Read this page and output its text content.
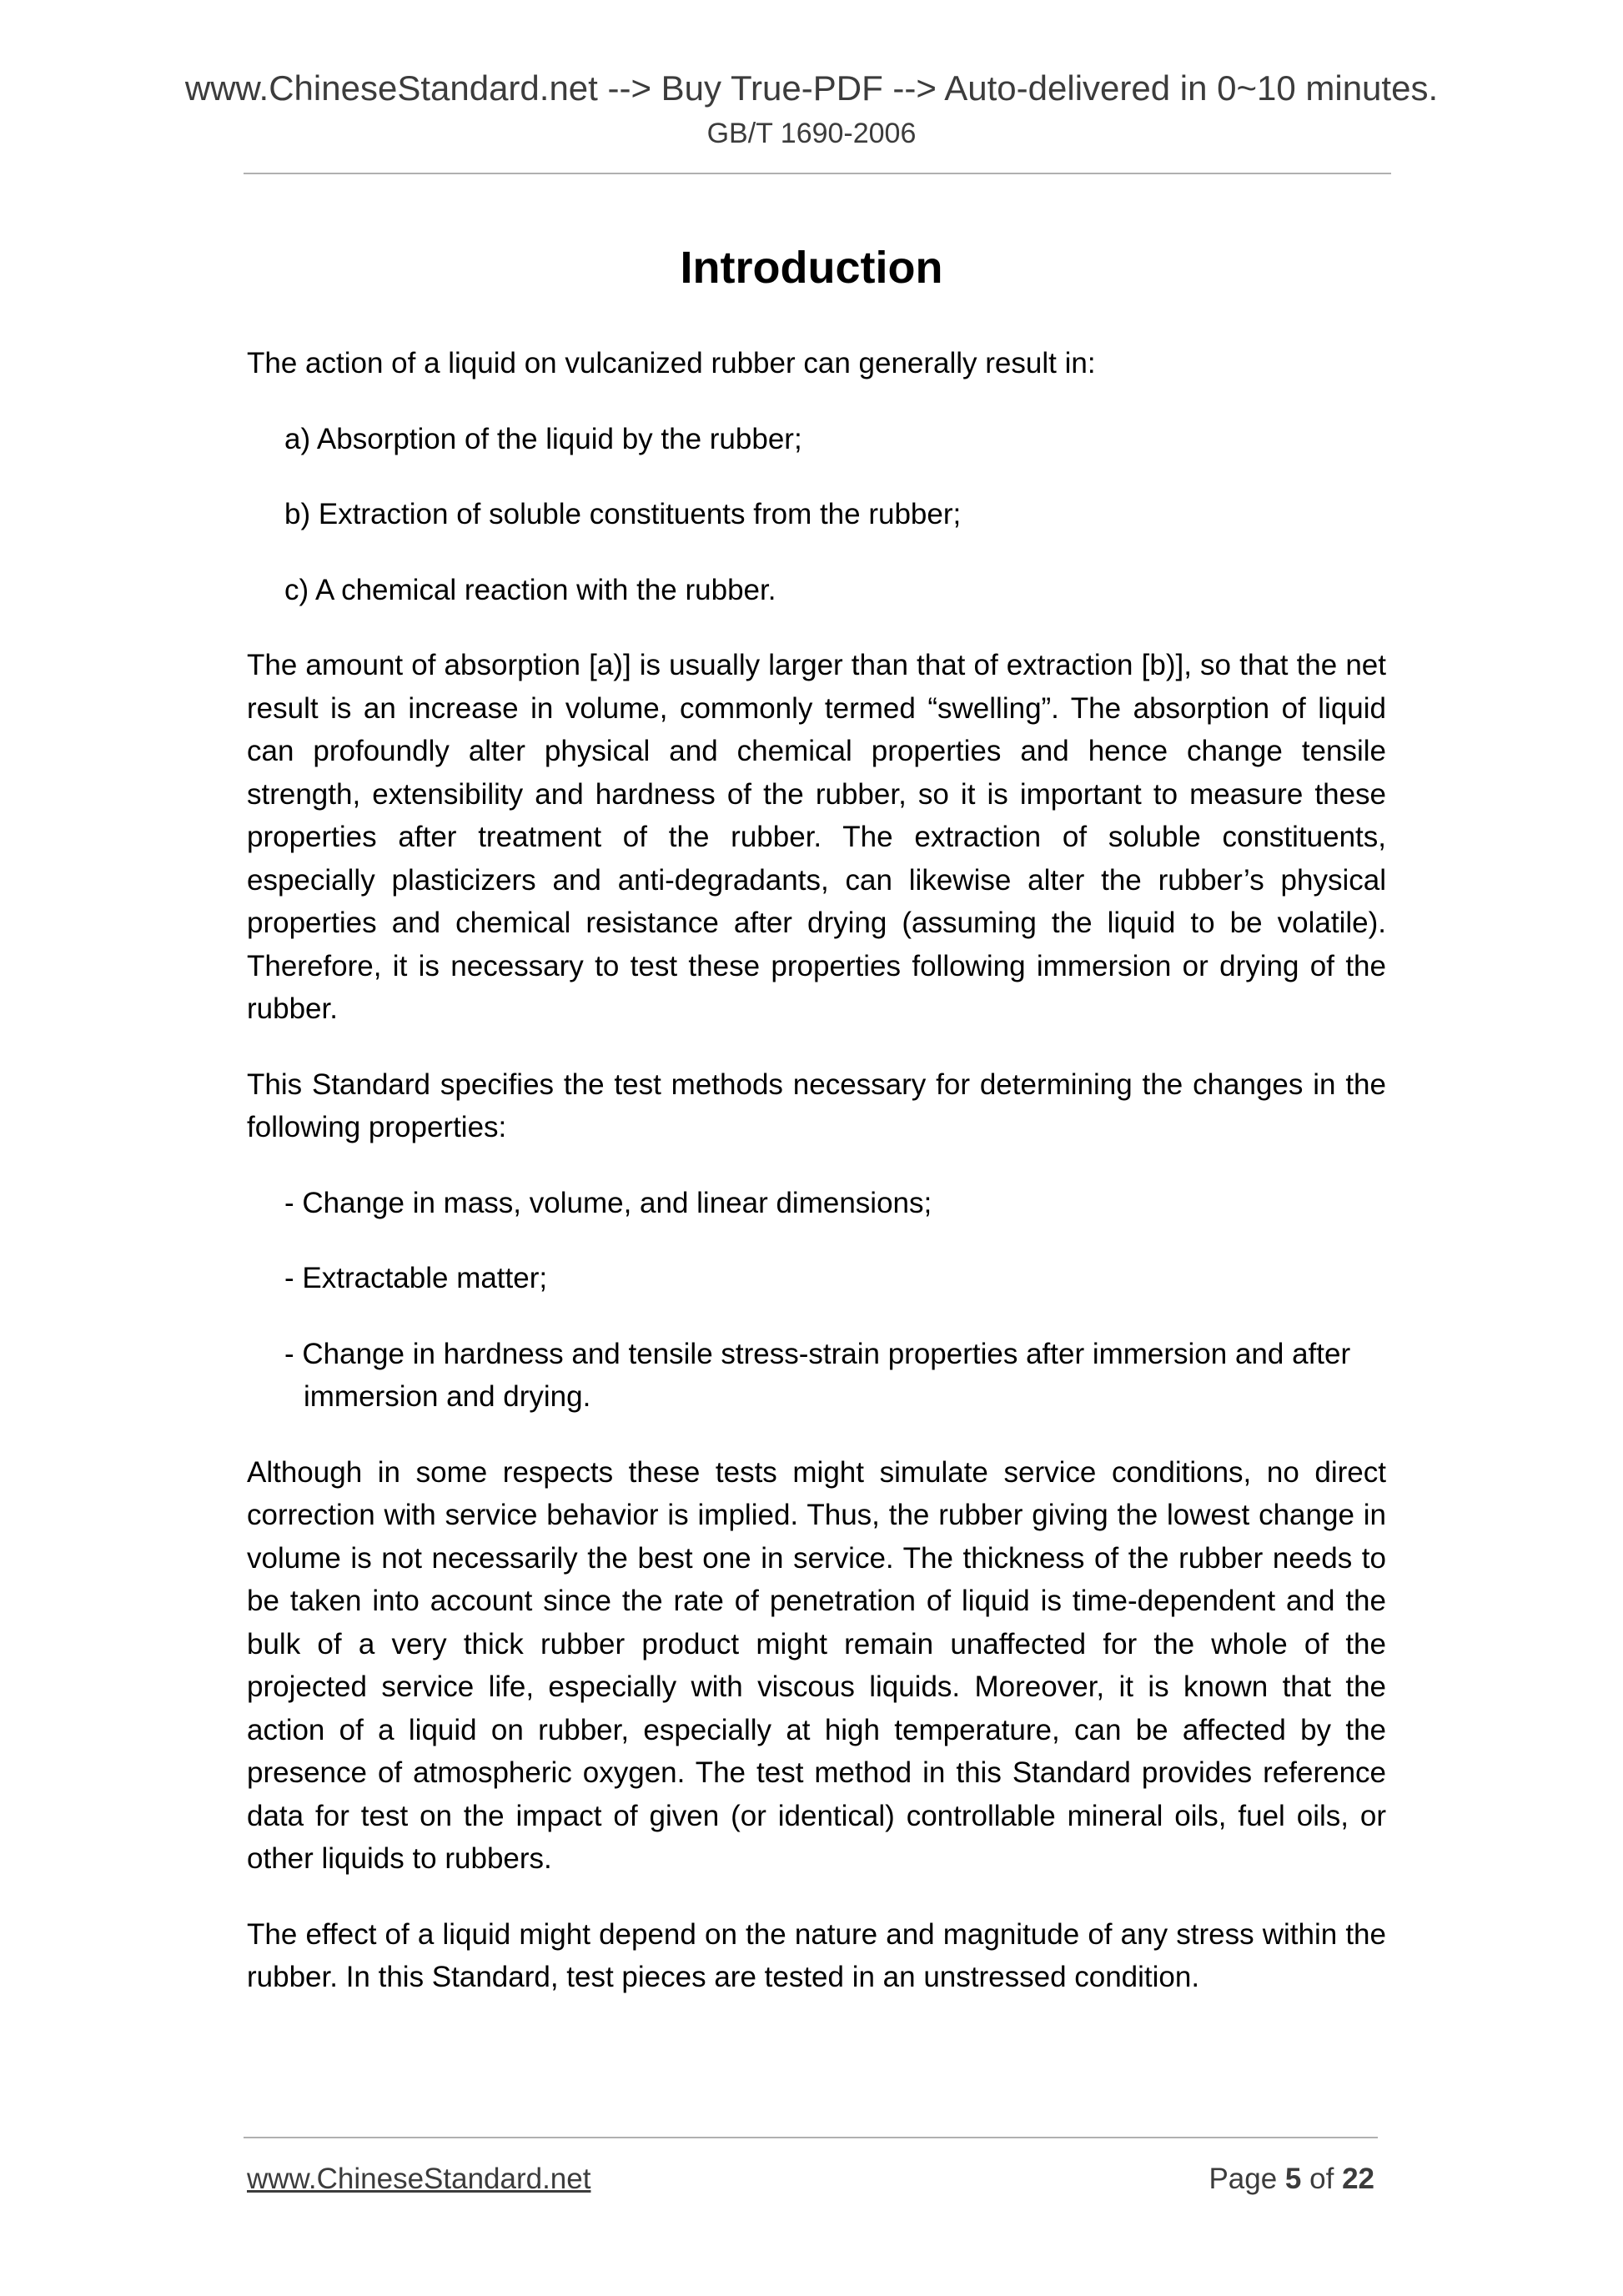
www.ChineseStandard.net --> Buy True-PDF --> Auto-delivered in 0~10 minutes.
GB/T 1690-2006
Introduction

The action of a liquid on vulcanized rubber can generally result in:

a) Absorption of the liquid by the rubber;

b) Extraction of soluble constituents from the rubber;

c) A chemical reaction with the rubber.

The amount of absorption [a)] is usually larger than that of extraction [b)], so that the net result is an increase in volume, commonly termed “swelling”. The absorption of liquid can profoundly alter physical and chemical properties and hence change tensile strength, extensibility and hardness of the rubber, so it is important to measure these properties after treatment of the rubber. The extraction of soluble constituents, especially plasticizers and anti-degradants, can likewise alter the rubber’s physical properties and chemical resistance after drying (assuming the liquid to be volatile). Therefore, it is necessary to test these properties following immersion or drying of the rubber.

This Standard specifies the test methods necessary for determining the changes in the following properties:

- Change in mass, volume, and linear dimensions;

- Extractable matter;

- Change in hardness and tensile stress-strain properties after immersion and after immersion and drying.

Although in some respects these tests might simulate service conditions, no direct correction with service behavior is implied. Thus, the rubber giving the lowest change in volume is not necessarily the best one in service. The thickness of the rubber needs to be taken into account since the rate of penetration of liquid is time-dependent and the bulk of a very thick rubber product might remain unaffected for the whole of the projected service life, especially with viscous liquids. Moreover, it is known that the action of a liquid on rubber, especially at high temperature, can be affected by the presence of atmospheric oxygen. The test method in this Standard provides reference data for test on the impact of given (or identical) controllable mineral oils, fuel oils, or other liquids to rubbers.

The effect of a liquid might depend on the nature and magnitude of any stress within the rubber. In this Standard, test pieces are tested in an unstressed condition.

www.ChineseStandard.net	Page 5 of 22
